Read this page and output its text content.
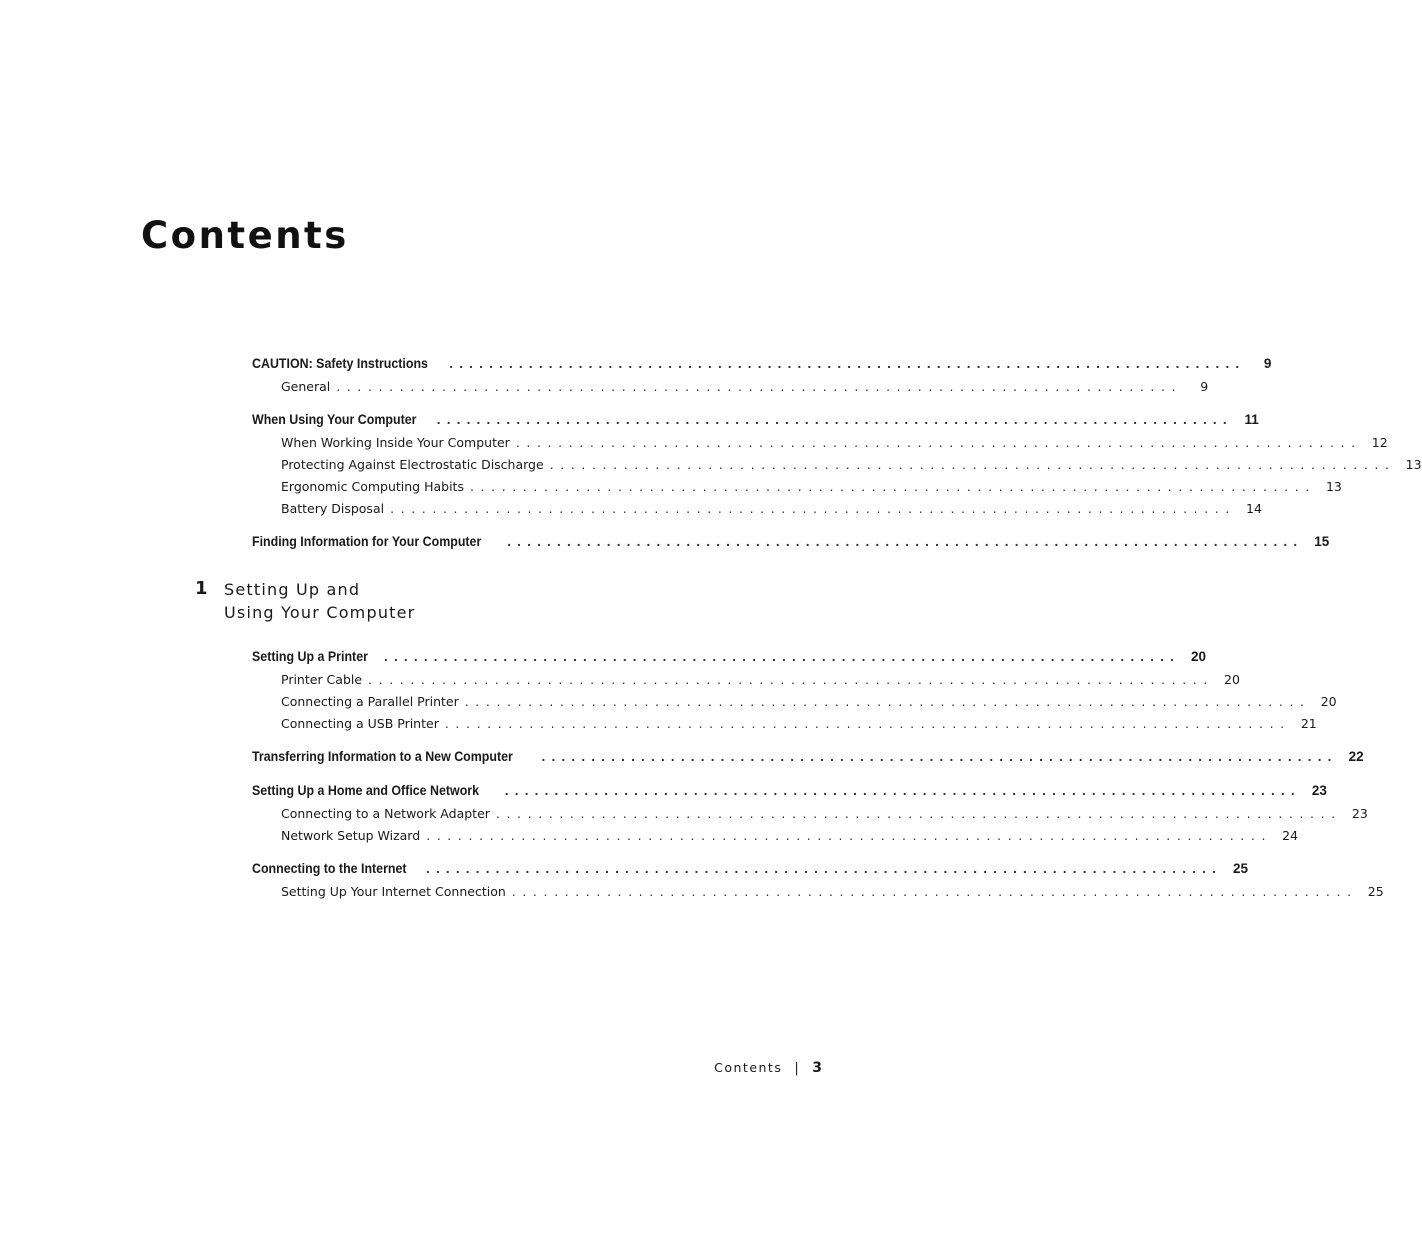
Contents
CAUTION: Safety Instructions	................................................................................	9
General ................................................................................	9
When Using Your Computer	................................................................................ 11
When Working Inside Your Computer ................................................................................ 12
Protecting Against Electrostatic Discharge ................................................................................ 13
Ergonomic Computing Habits ................................................................................ 13
Battery Disposal ................................................................................ 14
Finding Information for Your Computer	................................................................................ 15
1 Setting Up and
Using Your Computer
Setting Up a Printer	................................................................................ 20
Printer Cable ................................................................................ 20
Connecting a Parallel Printer ................................................................................ 20
Connecting a USB Printer ................................................................................ 21
Transferring Information to a New Computer	................................................................................ 22
Setting Up a Home and Office Network	................................................................................ 23
Connecting to a Network Adapter ................................................................................ 23
Network Setup Wizard ................................................................................ 24
Connecting to the Internet	................................................................................ 25
Setting Up Your Internet Connection ................................................................................ 25
Contents | 3
